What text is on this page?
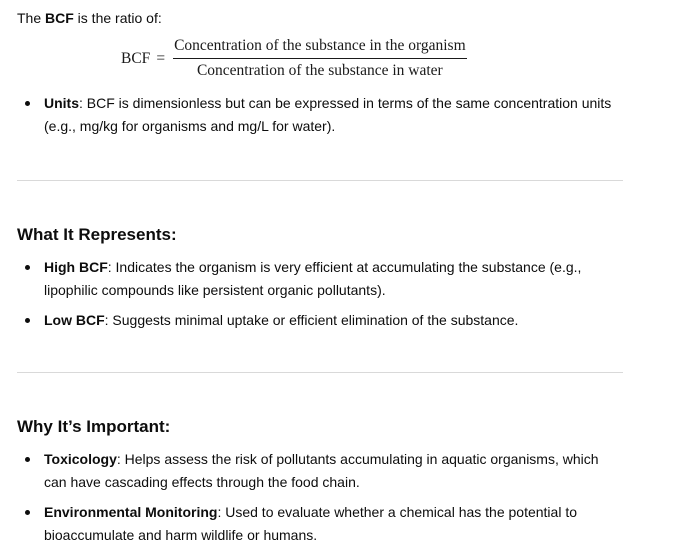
The BCF is the ratio of:
BCF = $\frac{\text{Concentration of the substance in the organism}}{\text{Concentration of the substance in water}}$
Units: BCF is dimensionless but can be expressed in terms of the same concentration units (e.g., mg/kg for organisms and mg/L for water).
What It Represents:
High BCF: Indicates the organism is very efficient at accumulating the substance (e.g., lipophilic compounds like persistent organic pollutants).
Low BCF: Suggests minimal uptake or efficient elimination of the substance.
Why It’s Important:
Toxicology: Helps assess the risk of pollutants accumulating in aquatic organisms, which can have cascading effects through the food chain.
Environmental Monitoring: Used to evaluate whether a chemical has the potential to bioaccumulate and harm wildlife or humans.
